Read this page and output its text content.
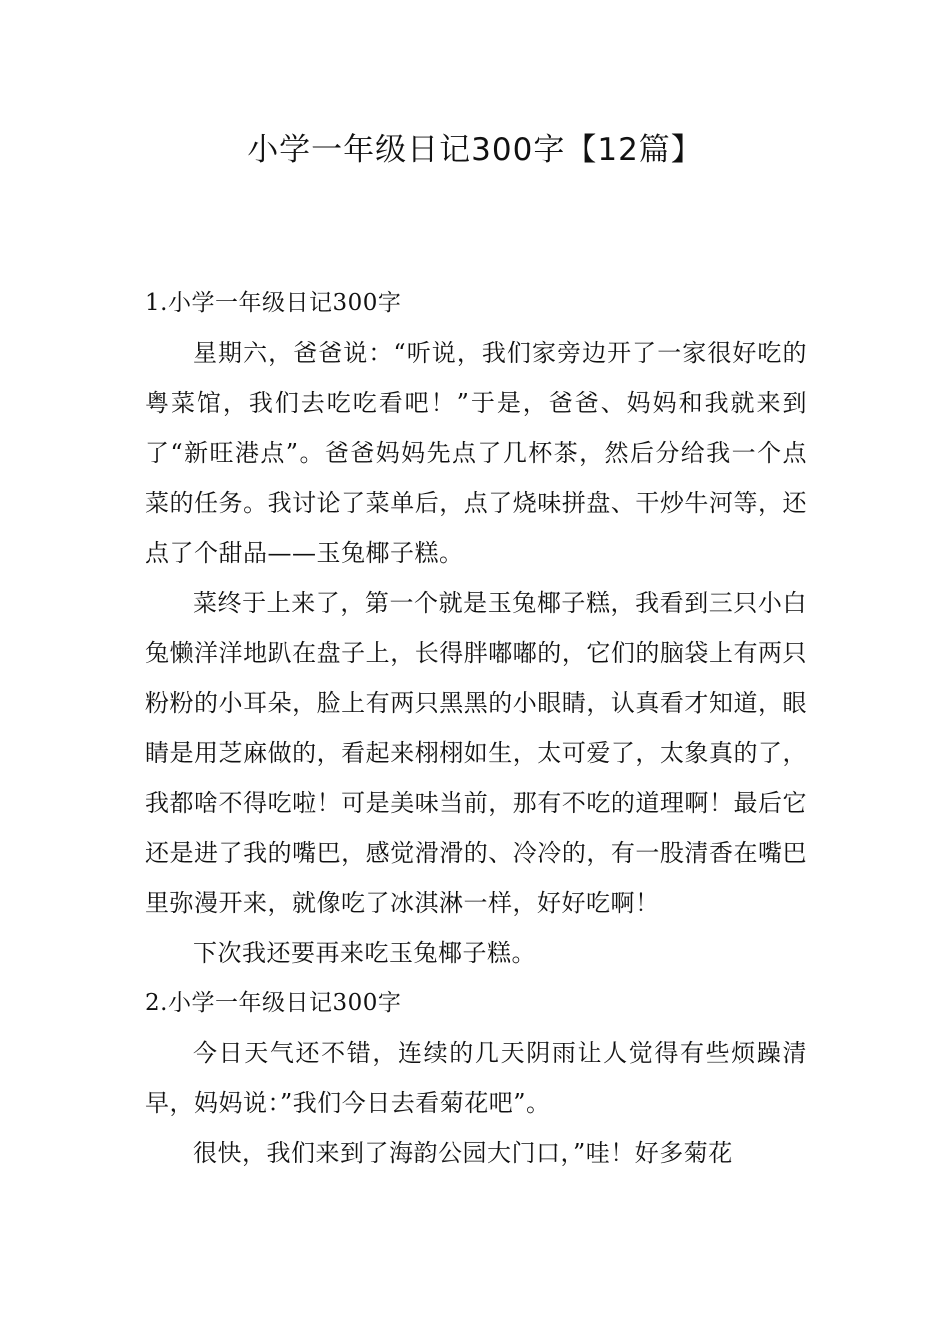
小学一年级日记300字【12篇】
1.小学一年级日记300字

星期六，爸爸说：“听说，我们家旁边开了一家很好吃的粤菜馆，我们去吃吃看吧！”于是，爸爸、妈妈和我就来到了“新旺港点”。爸爸妈妈先点了几杯茶，然后分给我一个点菜的任务。我讨论了菜单后，点了烧味拼盘、干炒牛河等，还点了个甜品——玉兔椰子糕。

菜终于上来了，第一个就是玉兔椰子糕，我看到三只小白兔懒洋洋地趴在盘子上，长得胖嘟嘟的，它们的脑袋上有两只粉粉的小耳朵，脸上有两只黑黑的小眼睛，认真看才知道，眼睛是用芝麻做的，看起来栩栩如生，太可爱了，太象真的了，我都啥不得吃啦！可是美味当前，那有不吃的道理啊！最后它还是进了我的嘴巴，感觉滑滑的、冷冷的，有一股清香在嘴巴里弥漫开来，就像吃了冰淇淋一样，好好吃啊！

下次我还要再来吃玉兔椰子糕。

2.小学一年级日记300字

今日天气还不错，连续的几天阴雨让人觉得有些烦躁清早，妈妈说：”我们今日去看菊花吧”。

很快，我们来到了海韵公园大门口，”哇！好多菊花
